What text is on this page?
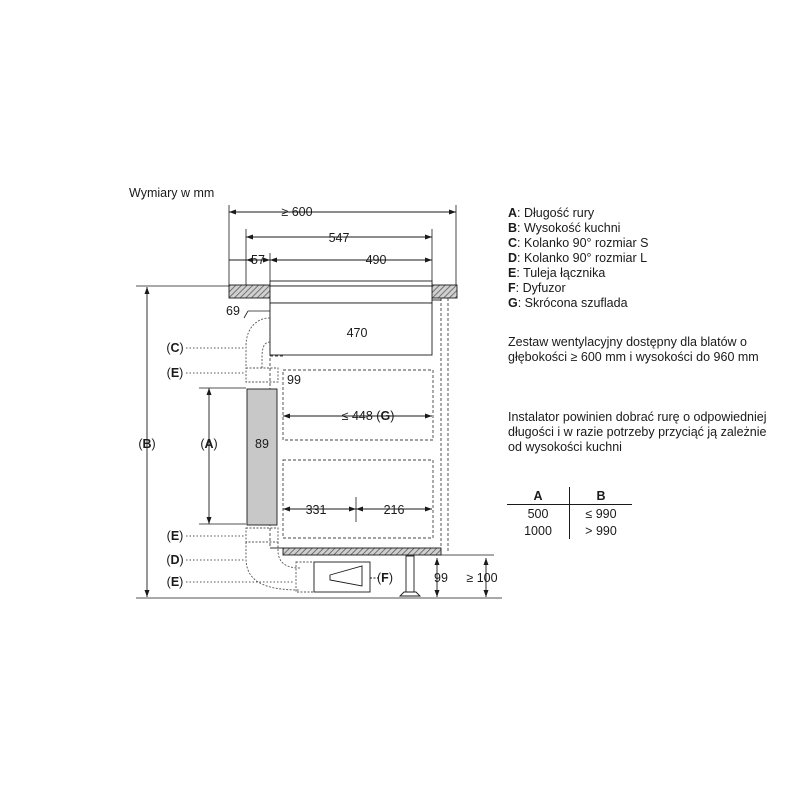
≥ 600
547
57	490
69
470
99
≤ 448 (G)
89
331	216
99 ≥ 100
(B)	(A)
(C)
(E)
(E)
(D)
(E)	(F)
Wymiary w mm
A: Długość rury
B: Wysokość kuchni
C: Kolanko 90° rozmiar S
D: Kolanko 90° rozmiar L
E: Tuleja łącznika
F: Dyfuzor
G: Skrócona szuflada
Zestaw wentylacyjny dostępny dla blatów o głębokości ≥ 600 mm i wysokości do 960 mm
Instalator powinien dobrać rurę o odpowiedniej długości i w razie potrzeby przyciąć ją zależnie od wysokości kuchni
A	B
500	≤ 990
1000	> 990
